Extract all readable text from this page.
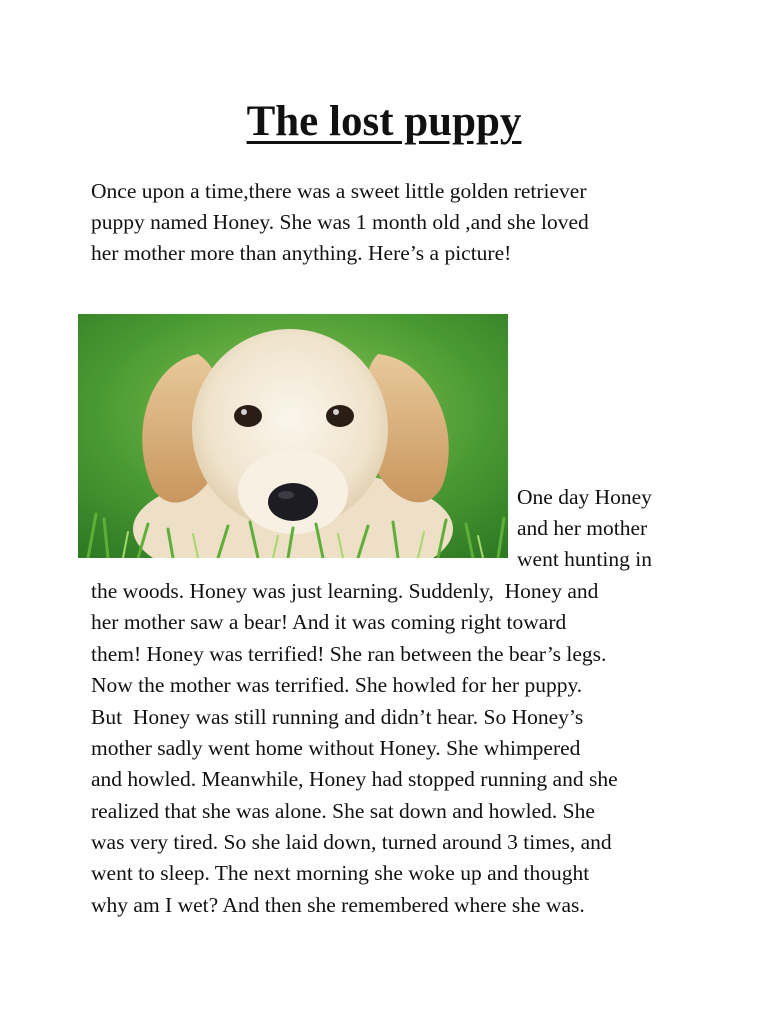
The lost puppy

Once upon a time,there was a sweet little golden retriever

puppy named Honey. She was 1 month old ,and she loved

her mother more than anything. Here’s a picture!

One day Honey

and her mother

went hunting in

the woods. Honey was just learning. Suddenly,  Honey and

her mother saw a bear! And it was coming right toward

them! Honey was terrified! She ran between the bear’s legs.

Now the mother was terrified. She howled for her puppy.

But  Honey was still running and didn’t hear. So Honey’s

mother sadly went home without Honey. She whimpered

and howled. Meanwhile, Honey had stopped running and she

realized that she was alone. She sat down and howled. She

was very tired. So she laid down, turned around 3 times, and

went to sleep. The next morning she woke up and thought

why am I wet? And then she remembered where she was.
